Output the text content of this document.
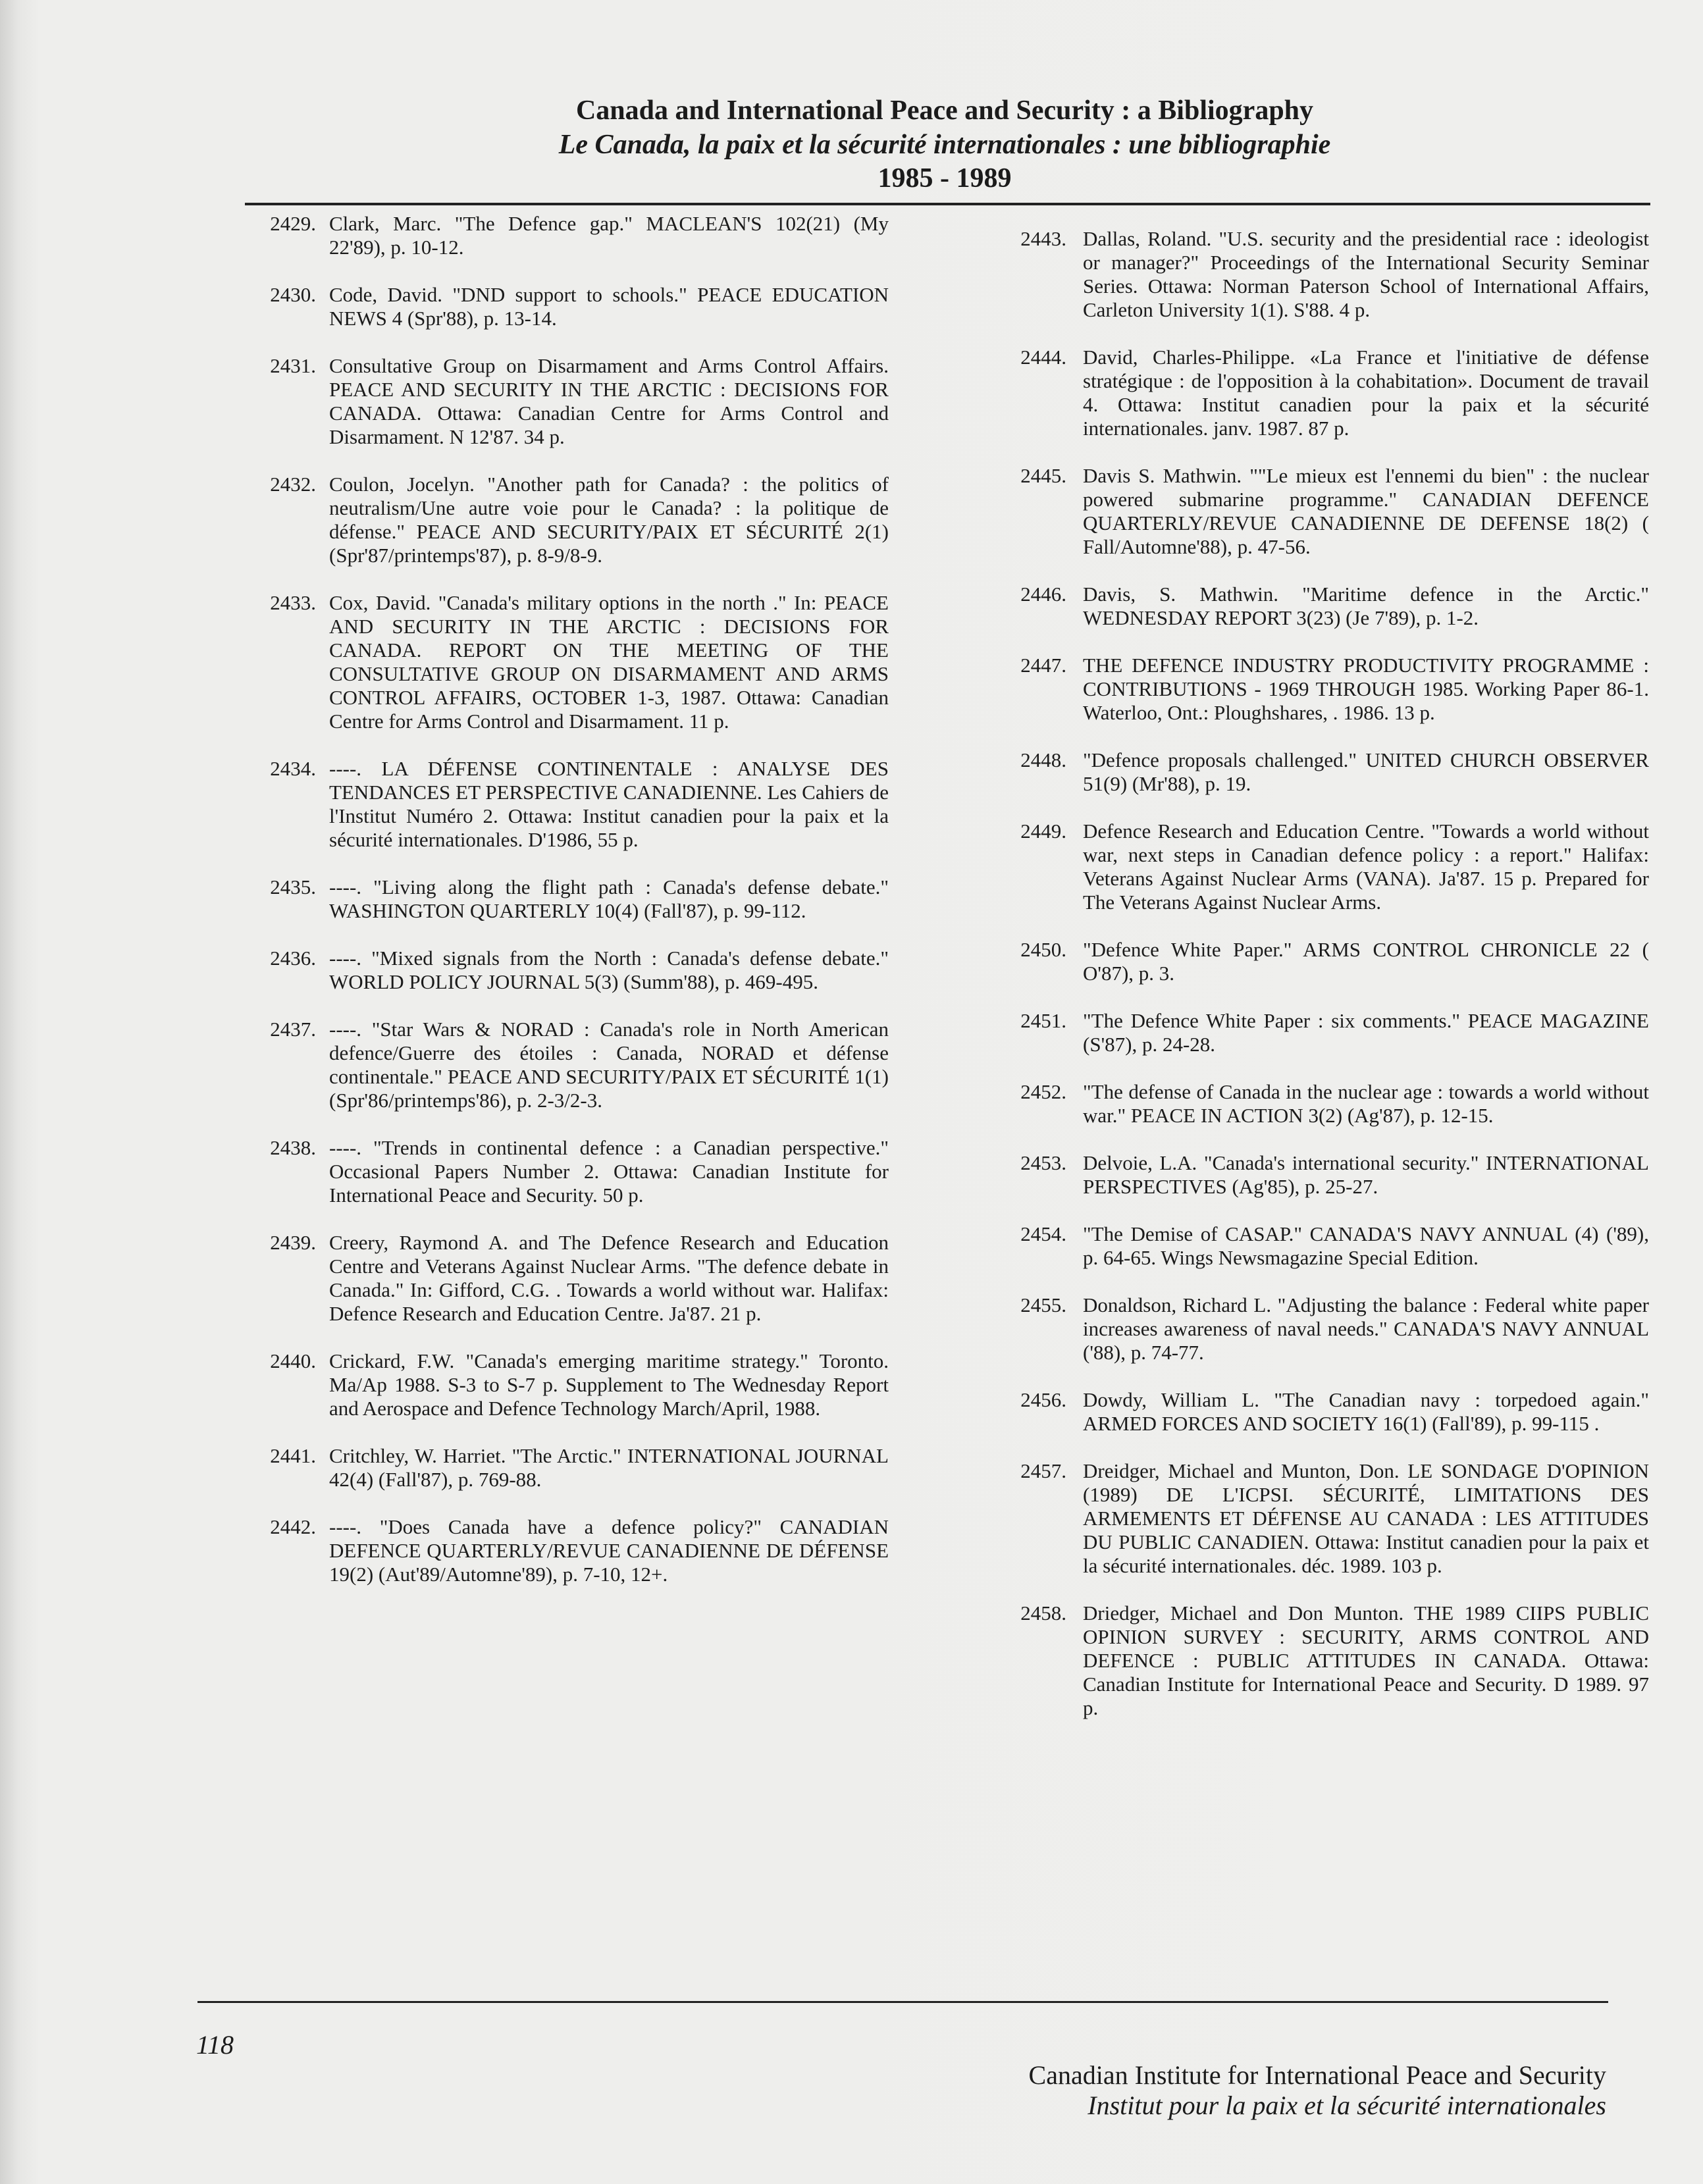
Canada and International Peace and Security : a Bibliography
Le Canada, la paix et la sécurité internationales : une bibliographie
1985 - 1989
2429. Clark, Marc. "The Defence gap." MACLEAN'S 102(21) (My 22'89), p. 10-12.
2430. Code, David. "DND support to schools." PEACE EDUCATION NEWS 4 (Spr'88), p. 13-14.
2431. Consultative Group on Disarmament and Arms Control Affairs. PEACE AND SECURITY IN THE ARCTIC : DECISIONS FOR CANADA. Ottawa: Canadian Centre for Arms Control and Disarmament. N 12'87. 34 p.
2432. Coulon, Jocelyn. "Another path for Canada? : the politics of neutralism/Une autre voie pour le Canada? : la politique de défense." PEACE AND SECURITY/PAIX ET SÉCURITÉ 2(1) (Spr'87/printemps'87), p. 8-9/8-9.
2433. Cox, David. "Canada's military options in the north ." In: PEACE AND SECURITY IN THE ARCTIC : DECISIONS FOR CANADA. REPORT ON THE MEETING OF THE CONSULTATIVE GROUP ON DISARMAMENT AND ARMS CONTROL AFFAIRS, OCTOBER 1-3, 1987. Ottawa: Canadian Centre for Arms Control and Disarmament. 11 p.
2434. ----. LA DÉFENSE CONTINENTALE : ANALYSE DES TENDANCES ET PERSPECTIVE CANADIENNE. Les Cahiers de l'Institut Numéro 2. Ottawa: Institut canadien pour la paix et la sécurité internationales. D'1986, 55 p.
2435. ----. "Living along the flight path : Canada's defense debate." WASHINGTON QUARTERLY 10(4) (Fall'87), p. 99-112.
2436. ----. "Mixed signals from the North : Canada's defense debate." WORLD POLICY JOURNAL 5(3) (Summ'88), p. 469-495.
2437. ----. "Star Wars & NORAD : Canada's role in North American defence/Guerre des étoiles : Canada, NORAD et défense continentale." PEACE AND SECURITY/PAIX ET SÉCURITÉ 1(1) (Spr'86/printemps'86), p. 2-3/2-3.
2438. ----. "Trends in continental defence : a Canadian perspective." Occasional Papers Number 2. Ottawa: Canadian Institute for International Peace and Security. 50 p.
2439. Creery, Raymond A. and The Defence Research and Education Centre and Veterans Against Nuclear Arms. "The defence debate in Canada." In: Gifford, C.G. . Towards a world without war. Halifax: Defence Research and Education Centre. Ja'87. 21 p.
2440. Crickard, F.W. "Canada's emerging maritime strategy." Toronto. Ma/Ap 1988. S-3 to S-7 p. Supplement to The Wednesday Report and Aerospace and Defence Technology March/April, 1988.
2441. Critchley, W. Harriet. "The Arctic." INTERNATIONAL JOURNAL 42(4) (Fall'87), p. 769-88.
2442. ----. "Does Canada have a defence policy?" CANADIAN DEFENCE QUARTERLY/REVUE CANADIENNE DE DÉFENSE 19(2) (Aut'89/Automne'89), p. 7-10, 12+.
2443. Dallas, Roland. "U.S. security and the presidential race : ideologist or manager?" Proceedings of the International Security Seminar Series. Ottawa: Norman Paterson School of International Affairs, Carleton University 1(1). S'88. 4 p.
2444. David, Charles-Philippe. «La France et l'initiative de défense stratégique : de l'opposition à la cohabitation». Document de travail 4. Ottawa: Institut canadien pour la paix et la sécurité internationales. janv. 1987. 87 p.
2445. Davis S. Mathwin. ""Le mieux est l'ennemi du bien" : the nuclear powered submarine programme." CANADIAN DEFENCE QUARTERLY/REVUE CANADIENNE DE DEFENSE 18(2) ( Fall/Automne'88), p. 47-56.
2446. Davis, S. Mathwin. "Maritime defence in the Arctic." WEDNESDAY REPORT 3(23) (Je 7'89), p. 1-2.
2447. THE DEFENCE INDUSTRY PRODUCTIVITY PROGRAMME : CONTRIBUTIONS - 1969 THROUGH 1985. Working Paper 86-1. Waterloo, Ont.: Ploughshares, . 1986. 13 p.
2448. "Defence proposals challenged." UNITED CHURCH OBSERVER 51(9) (Mr'88), p. 19.
2449. Defence Research and Education Centre. "Towards a world without war, next steps in Canadian defence policy : a report." Halifax: Veterans Against Nuclear Arms (VANA). Ja'87. 15 p. Prepared for The Veterans Against Nuclear Arms.
2450. "Defence White Paper." ARMS CONTROL CHRONICLE 22 ( O'87), p. 3.
2451. "The Defence White Paper : six comments." PEACE MAGAZINE (S'87), p. 24-28.
2452. "The defense of Canada in the nuclear age : towards a world without war." PEACE IN ACTION 3(2) (Ag'87), p. 12-15.
2453. Delvoie, L.A. "Canada's international security." INTERNATIONAL PERSPECTIVES (Ag'85), p. 25-27.
2454. "The Demise of CASAP." CANADA'S NAVY ANNUAL (4) ('89), p. 64-65. Wings Newsmagazine Special Edition.
2455. Donaldson, Richard L. "Adjusting the balance : Federal white paper increases awareness of naval needs." CANADA'S NAVY ANNUAL ('88), p. 74-77.
2456. Dowdy, William L. "The Canadian navy : torpedoed again." ARMED FORCES AND SOCIETY 16(1) (Fall'89), p. 99-115 .
2457. Dreidger, Michael and Munton, Don. LE SONDAGE D'OPINION (1989) DE L'ICPSI. SÉCURITÉ, LIMITATIONS DES ARMEMENTS ET DÉFENSE AU CANADA : LES ATTITUDES DU PUBLIC CANADIEN. Ottawa: Institut canadien pour la paix et la sécurité internationales. déc. 1989. 103 p.
2458. Driedger, Michael and Don Munton. THE 1989 CIIPS PUBLIC OPINION SURVEY : SECURITY, ARMS CONTROL AND DEFENCE : PUBLIC ATTITUDES IN CANADA. Ottawa: Canadian Institute for International Peace and Security. D 1989. 97 p.
118
Canadian Institute for International Peace and Security
Institut pour la paix et la sécurité internationales
